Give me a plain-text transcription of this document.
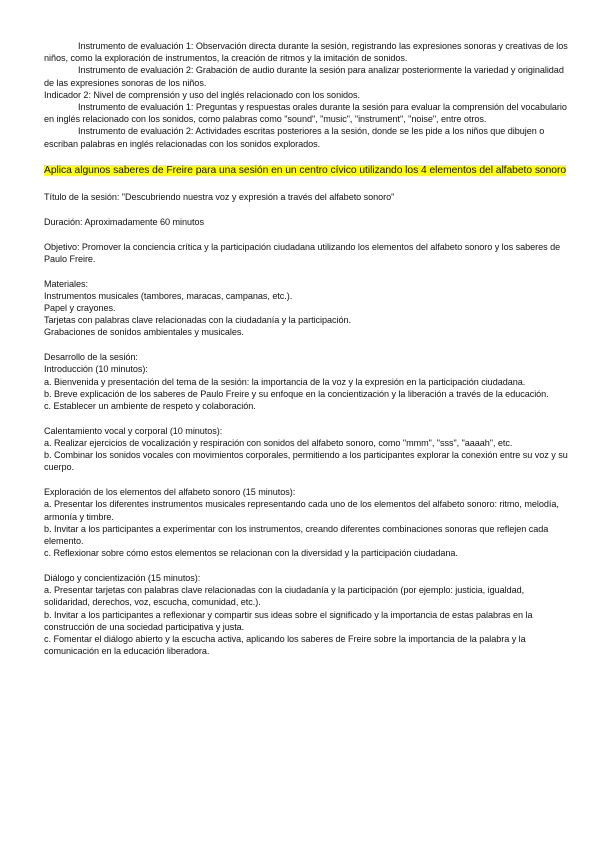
Instrumento de evaluación 1: Observación directa durante la sesión, registrando las expresiones sonoras y creativas de los niños, como la exploración de instrumentos, la creación de ritmos y la imitación de sonidos.

Instrumento de evaluación 2: Grabación de audio durante la sesión para analizar posteriormente la variedad y originalidad de las expresiones sonoras de los niños.

Indicador 2: Nivel de comprensión y uso del inglés relacionado con los sonidos.

Instrumento de evaluación 1: Preguntas y respuestas orales durante la sesión para evaluar la comprensión del vocabulario en inglés relacionado con los sonidos, como palabras como "sound", "music", "instrument", "noise", entre otros.

Instrumento de evaluación 2: Actividades escritas posteriores a la sesión, donde se les pide a los niños que dibujen o escriban palabras en inglés relacionadas con los sonidos explorados.

Aplica algunos saberes de Freire para una sesión en un centro cívico utilizando los 4 elementos del alfabeto sonoro

Título de la sesión: "Descubriendo nuestra voz y expresión a través del alfabeto sonoro"

Duración: Aproximadamente 60 minutos

Objetivo: Promover la conciencia crítica y la participación ciudadana utilizando los elementos del alfabeto sonoro y los saberes de Paulo Freire.

Materiales:

Instrumentos musicales (tambores, maracas, campanas, etc.).

Papel y crayones.

Tarjetas con palabras clave relacionadas con la ciudadanía y la participación.

Grabaciones de sonidos ambientales y musicales.

Desarrollo de la sesión:

Introducción (10 minutos):

a. Bienvenida y presentación del tema de la sesión: la importancia de la voz y la expresión en la participación ciudadana.

b. Breve explicación de los saberes de Paulo Freire y su enfoque en la concientización y la liberación a través de la educación.

c. Establecer un ambiente de respeto y colaboración.

Calentamiento vocal y corporal (10 minutos):

a. Realizar ejercicios de vocalización y respiración con sonidos del alfabeto sonoro, como "mmm", "sss", "aaaah", etc.

b. Combinar los sonidos vocales con movimientos corporales, permitiendo a los participantes explorar la conexión entre su voz y su cuerpo.

Exploración de los elementos del alfabeto sonoro (15 minutos):

a. Presentar los diferentes instrumentos musicales representando cada uno de los elementos del alfabeto sonoro: ritmo, melodía, armonía y timbre.

b. Invitar a los participantes a experimentar con los instrumentos, creando diferentes combinaciones sonoras que reflejen cada elemento.

c. Reflexionar sobre cómo estos elementos se relacionan con la diversidad y la participación ciudadana.

Diálogo y concientización (15 minutos):

a. Presentar tarjetas con palabras clave relacionadas con la ciudadanía y la participación (por ejemplo: justicia, igualdad, solidaridad, derechos, voz, escucha, comunidad, etc.).

b. Invitar a los participantes a reflexionar y compartir sus ideas sobre el significado y la importancia de estas palabras en la construcción de una sociedad participativa y justa.

c. Fomentar el diálogo abierto y la escucha activa, aplicando los saberes de Freire sobre la importancia de la palabra y la comunicación en la educación liberadora.
